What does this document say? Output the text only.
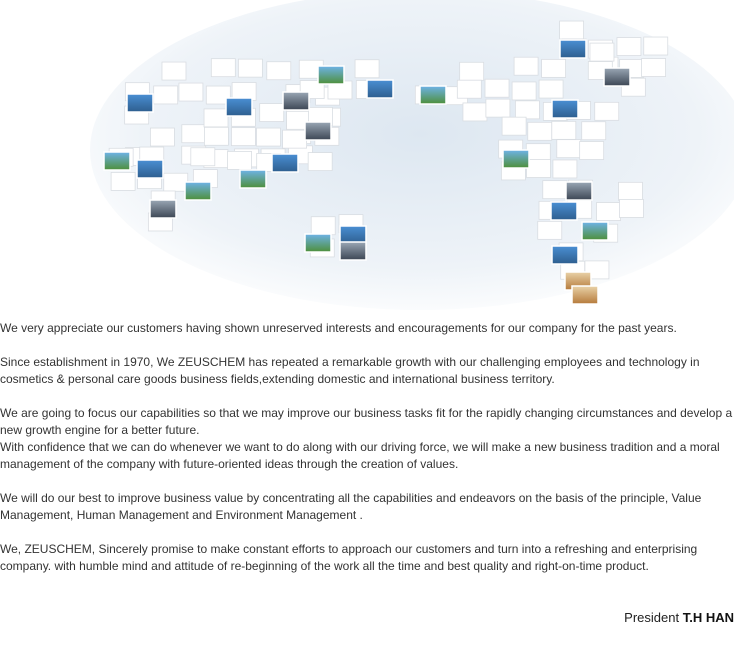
We very appreciate our customers having shown unreserved interests and encouragements for our company for the past years.

Since establishment in 1970, We ZEUSCHEM has repeated a remarkable growth with our challenging employees and technology in cosmetics & personal care goods business fields,extending domestic and international business territory.

We are going to focus our capabilities so that we may improve our business tasks fit for the rapidly changing circumstances and develop a new growth engine for a better future.
With confidence that we can do whenever we want to do along with our driving force, we will make a new business tradition and a moral management of the company with future-oriented ideas through the creation of values.

We will do our best to improve business value by concentrating all the capabilities and endeavors on the basis of the principle, Value Management, Human Management and Environment Management .

We, ZEUSCHEM, Sincerely promise to make constant efforts to approach our customers and turn into a refreshing and enterprising company. with humble mind and attitude of re-beginning of the work all the time and best quality and right-on-time product.

President T.H HAN
